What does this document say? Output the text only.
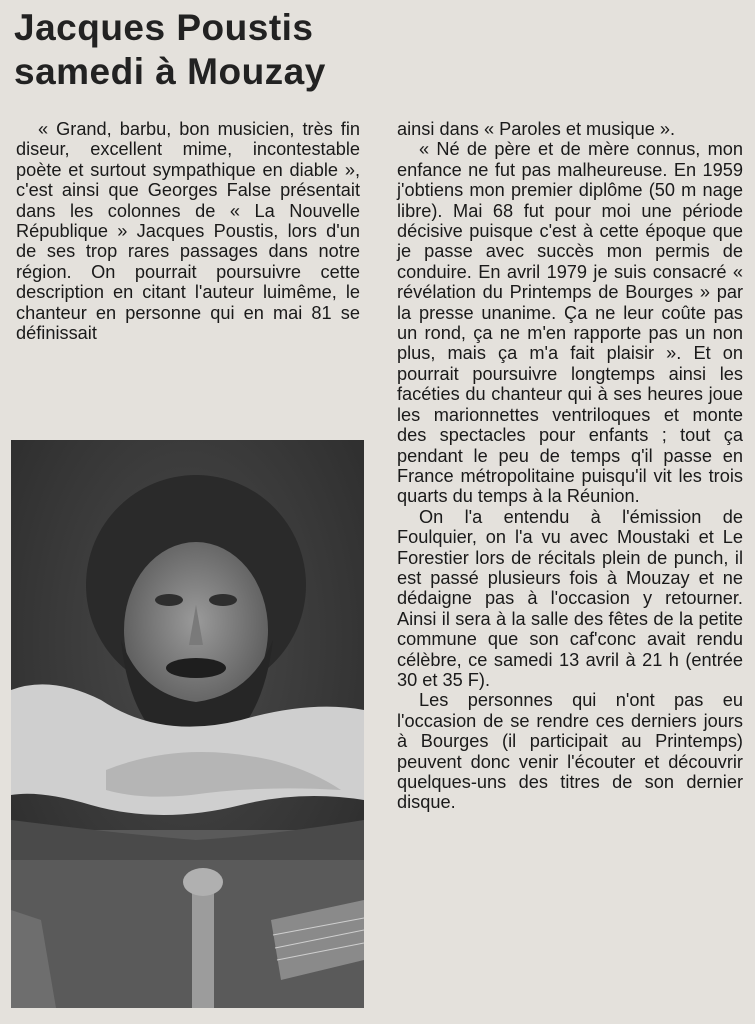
Jacques Poustis
samedi à Mouzay

« Grand, barbu, bon musicien, très fin diseur, excellent mime, incontestable poète et surtout sympathique en diable », c'est ainsi que Georges False présentait dans les colonnes de « La Nouvelle République » Jacques Poustis, lors d'un de ses trop rares passages dans notre région. On pourrait poursuivre cette description en citant l'auteur luimême, le chanteur en personne qui en mai 81 se définissait

ainsi dans « Paroles et musique ».

« Né de père et de mère connus, mon enfance ne fut pas malheureuse. En 1959 j'obtiens mon premier diplôme (50 m nage libre). Mai 68 fut pour moi une période décisive puisque c'est à cette époque que je passe avec succès mon permis de conduire. En avril 1979 je suis consacré « révélation du Printemps de Bourges » par la presse unanime. Ça ne leur coûte pas un rond, ça ne m'en rapporte pas un non plus, mais ça m'a fait plaisir ». Et on pourrait poursuivre longtemps ainsi les facéties du chanteur qui à ses heures joue les marionnettes ventriloques et monte des spectacles pour enfants ; tout ça pendant le peu de temps q'il passe en France métropolitaine puisqu'il vit les trois quarts du temps à la Réunion.

On l'a entendu à l'émission de Foulquier, on l'a vu avec Moustaki et Le Forestier lors de récitals plein de punch, il est passé plusieurs fois à Mouzay et ne dédaigne pas à l'occasion y retourner. Ainsi il sera à la salle des fêtes de la petite commune que son caf'conc avait rendu célèbre, ce samedi 13 avril à 21 h (entrée 30 et 35 F).

Les personnes qui n'ont pas eu l'occasion de se rendre ces derniers jours à Bourges (il participait au Printemps) peuvent donc venir l'écouter et découvrir quelques-uns des titres de son dernier disque.
